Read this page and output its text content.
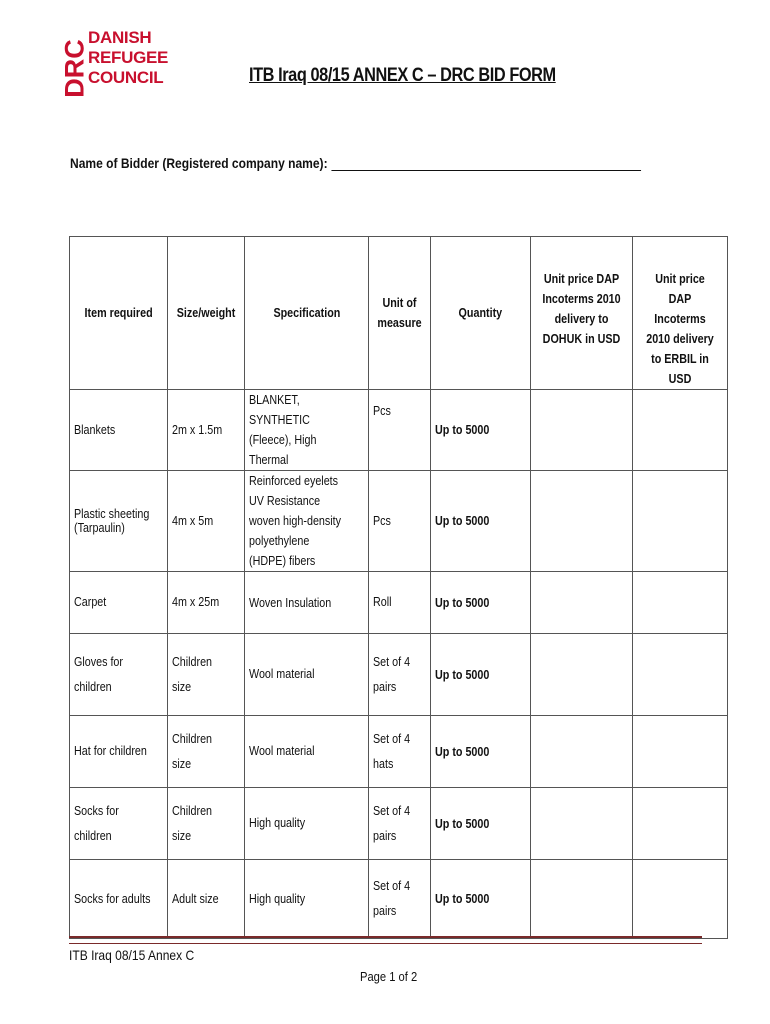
DRC
DANISH
REFUGEE
COUNCIL	ITB Iraq 08/15 ANNEX C – DRC BID FORM
Name of Bidder (Registered company name):
Item required	Size/weight	Specification	Unit of measure	Quantity	Unit price DAP Incoterms 2010 delivery to DOHUK in USD	Unit price DAP Incoterms 2010 delivery to ERBIL in USD
Blankets	2m x 1.5m	BLANKET, SYNTHETIC (Fleece), High Thermal	Pcs	Up to 5000		
Plastic sheeting (Tarpaulin)	4m x 5m	Reinforced eyelets UV Resistance woven high-density polyethylene (HDPE) fibers	Pcs	Up to 5000		
Carpet	4m x 25m	Woven Insulation	Roll	Up to 5000		
Gloves for children	Children size	Wool material	Set of 4 pairs	Up to 5000		
Hat for children	Children size	Wool material	Set of 4 hats	Up to 5000		
Socks for children	Children size	High quality	Set of 4 pairs	Up to 5000		
Socks for adults	Adult size	High quality	Set of 4 pairs	Up to 5000		
ITB Iraq 08/15 Annex C
Page 1 of 2
